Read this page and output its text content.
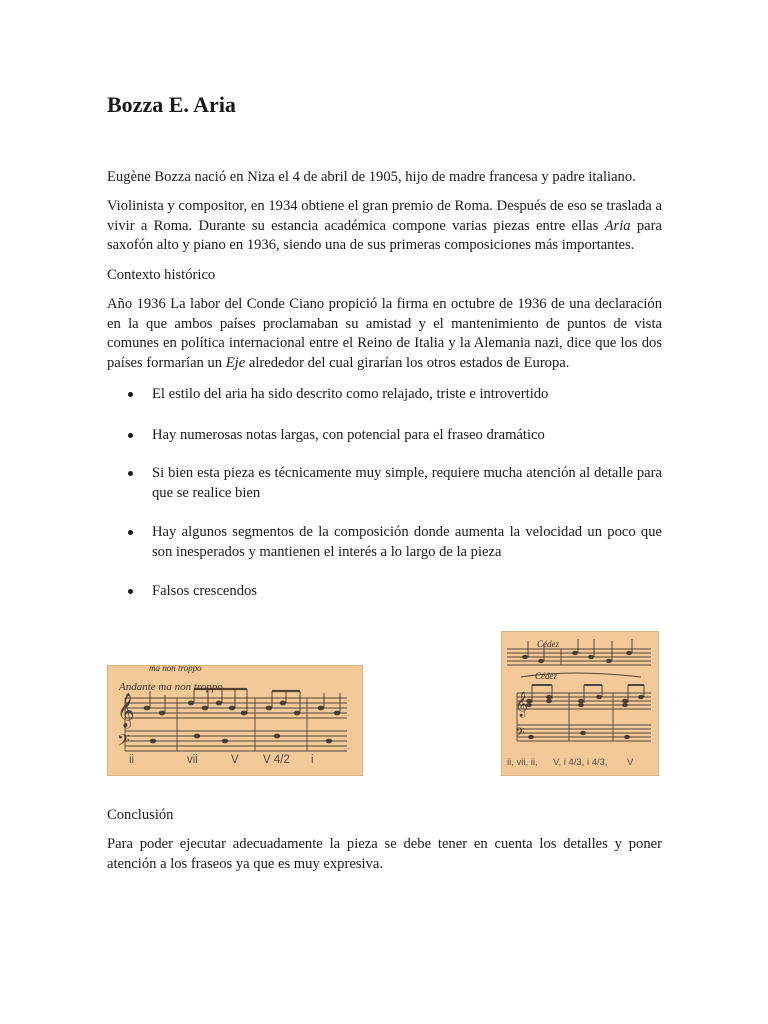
Bozza E. Aria

Eugène Bozza nació en Niza el 4 de abril de 1905, hijo de madre francesa y padre italiano.

Violinista y compositor, en 1934 obtiene el gran premio de Roma. Después de eso se traslada a vivir a Roma. Durante su estancia académica compone varias piezas entre ellas Aria para saxofón alto y piano en 1936, siendo una de sus primeras composiciones más importantes.

Contexto histórico

Año 1936 La labor del Conde Ciano propició la firma en octubre de 1936 de una declaración en la que ambos países proclamaban su amistad y el mantenimiento de puntos de vista comunes en política internacional entre el Reino de Italia y la Alemania nazi, dice que los dos países formarían un Eje alrededor del cual girarían los otros estados de Europa.

El estilo del aria ha sido descrito como relajado, triste e introvertido
Hay numerosas notas largas, con potencial para el fraseo dramático
Si bien esta pieza es técnicamente muy simple, requiere mucha atención al detalle para que se realice bien
Hay algunos segmentos de la composición donde aumenta la velocidad un poco que son inesperados y mantienen el interés a lo largo de la pieza
Falsos crescendos

Conclusión

Para poder ejecutar adecuadamente la pieza se debe tener en cuenta los detalles y poner atención a los fraseos ya que es muy expresiva.

𝄞
𝄢
ma non troppo
Andante ma non troppo
ii	vii	V V 4/2 i
𝄞
𝄢
Cédez
Cédez
ii, vii, ii, V, i 4/3, i 4/3, V
